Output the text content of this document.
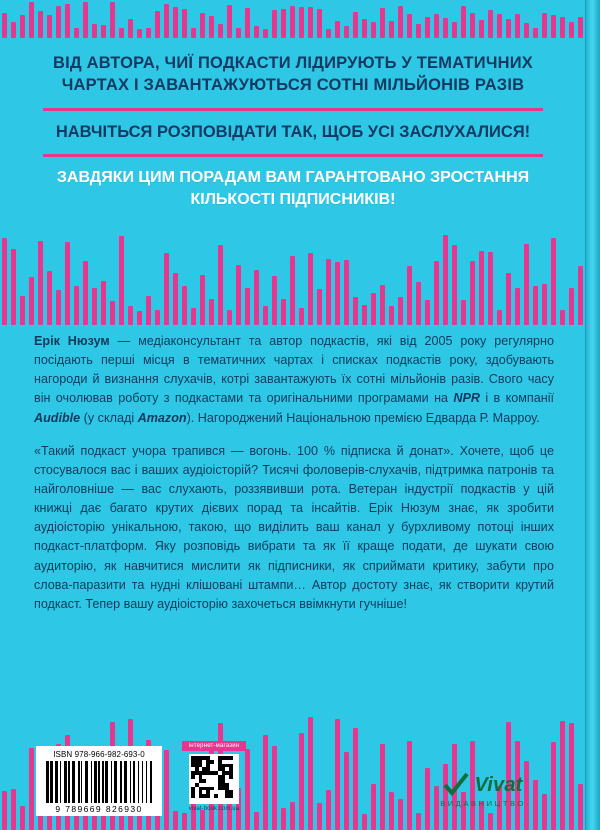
ВІД АВТОРА, ЧИЇ ПОДКАСТИ ЛІДИРУЮТЬ У ТЕМАТИЧНИХ ЧАРТАХ І ЗАВАНТАЖУЮТЬСЯ СОТНІ МІЛЬЙОНІВ РАЗІВ
НАВЧІТЬСЯ РОЗПОВІДАТИ ТАК, ЩОБ УСІ ЗАСЛУХАЛИСЯ!
ЗАВДЯКИ ЦИМ ПОРАДАМ ВАМ ГАРАНТОВАНО ЗРОСТАННЯ КІЛЬКОСТІ ПІДПИСНИКІВ!

Ерік Нюзум — медіаконсультант та автор подкастів, які від 2005 року регулярно посідають перші місця в тематичних чартах і списках подкастів року, здобувають нагороди й визнання слухачів, котрі завантажують їх сотні мільйонів разів. Свого часу він очолював роботу з подкастами та оригінальними програмами на NPR і в компанії Audible (у складі Amazon). Нагороджений Національною премією Едварда Р. Марроу.

«Такий подкаст учора трапився — вогонь. 100 % підписка й донат». Хочете, щоб це стосувалося вас і ваших аудіоісторій? Тисячі фоловерів-слухачів, підтримка патронів та найголовніше — вас слухають, роззявивши рота. Ветеран індустрії подкастів у цій книжці дає багато крутих дієвих порад та інсайтів. Ерік Нюзум знає, як зробити аудіоісторію унікальною, такою, що виділить ваш канал у бурхливому потоці інших подкаст-платформ. Яку розповідь вибрати та як її кращe подати, де шукати свою аудиторію, як навчитися мислити як підписники, як сприймати критику, забути про слова-паразити та нудні клішовані штампи… Автор достоту знає, як створити крутий подкаст. Тепер вашу аудіоісторію захочеться ввімкнути гучніше!

ISBN 978-966-982-693-0
9 789669 826930
інтернет-магазин
vivat-book.com.ua
Vivat
ВИДАВНИЦТВО
